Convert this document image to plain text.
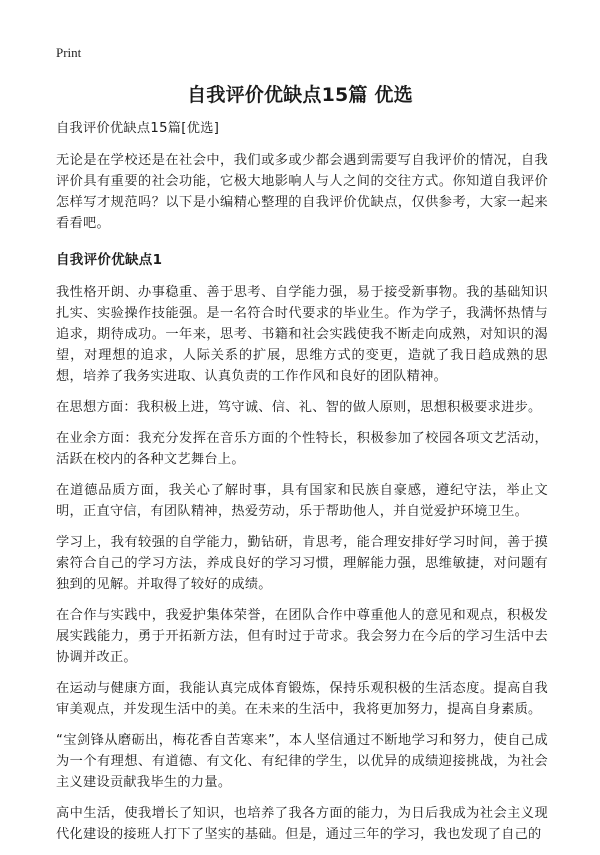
Print
自我评价优缺点15篇 优选

自我评价优缺点15篇[优选]

无论是在学校还是在社会中，我们或多或少都会遇到需要写自我评价的情况，自我评价具有重要的社会功能，它极大地影响人与人之间的交往方式。你知道自我评价怎样写才规范吗？以下是小编精心整理的自我评价优缺点，仅供参考，大家一起来看看吧。

自我评价优缺点1

我性格开朗、办事稳重、善于思考、自学能力强，易于接受新事物。我的基础知识扎实、实验操作技能强。是一名符合时代要求的毕业生。作为学子，我满怀热情与追求，期待成功。一年来，思考、书籍和社会实践使我不断走向成熟，对知识的渴望，对理想的追求，人际关系的扩展，思维方式的变更，造就了我日趋成熟的思想，培养了我务实进取、认真负责的工作作风和良好的团队精神。

在思想方面：我积极上进，笃守诚、信、礼、智的做人原则，思想积极要求进步。

在业余方面：我充分发挥在音乐方面的个性特长，积极参加了校园各项文艺活动，活跃在校内的各种文艺舞台上。

在道德品质方面，我关心了解时事，具有国家和民族自豪感，遵纪守法，举止文明，正直守信，有团队精神，热爱劳动，乐于帮助他人，并自觉爱护环境卫生。

学习上，我有较强的自学能力，勤钻研，肯思考，能合理安排好学习时间，善于摸索符合自己的学习方法，养成良好的学习习惯，理解能力强，思维敏捷，对问题有独到的见解。并取得了较好的成绩。

在合作与实践中，我爱护集体荣誉，在团队合作中尊重他人的意见和观点，积极发展实践能力，勇于开拓新方法，但有时过于苛求。我会努力在今后的学习生活中去协调并改正。

在运动与健康方面，我能认真完成体育锻炼，保持乐观积极的生活态度。提高自我审美观点，并发现生活中的美。在未来的生活中，我将更加努力，提高自身素质。

“宝剑锋从磨砺出，梅花香自苦寒来”，本人坚信通过不断地学习和努力，使自己成为一个有理想、有道德、有文化、有纪律的学生，以优异的成绩迎接挑战，为社会主义建设贡献我毕生的力量。

高中生活，使我增长了知识，也培养了我各方面的能力，为日后我成为社会主义现代化建设的接班人打下了坚实的基础。但是，通过三年的学习，我也发现了自己的
